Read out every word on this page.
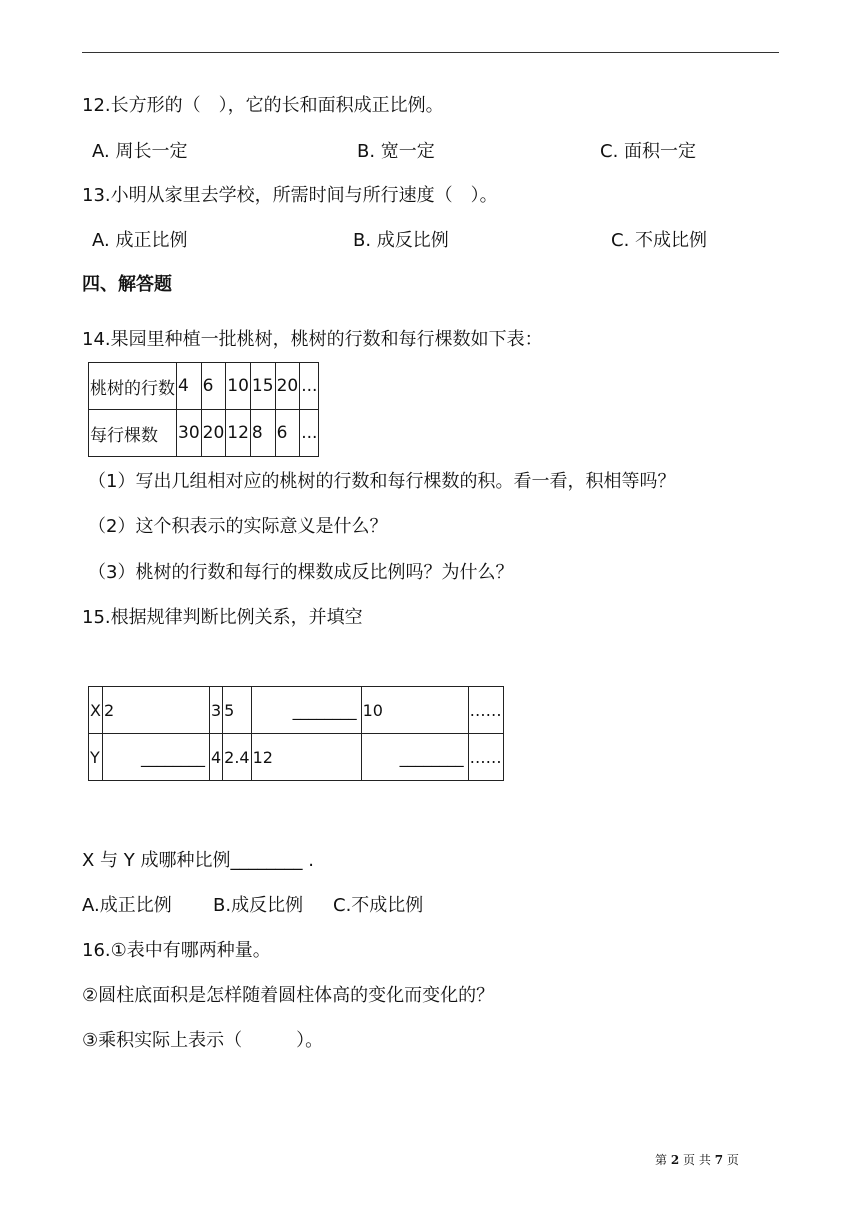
12.长方形的（　），它的长和面积成正比例。
A. 周长一定	B. 宽一定	C. 面积一定
13.小明从家里去学校，所需时间与所行速度（　）。
A. 成正比例	B. 成反比例	C. 不成比例
四、解答题
14.果园里种植一批桃树，桃树的行数和每行棵数如下表：
桃树的行数	4	6	10	15	20	...
每行棵数	30	20	12	8	6	...
（1）写出几组相对应的桃树的行数和每行棵数的积。看一看，积相等吗？
（2）这个积表示的实际意义是什么？
（3）桃树的行数和每行的棵数成反比例吗？为什么？
15.根据规律判断比例关系，并填空
X	2	3	5	________	10	……
Y	________	4	2.4	12	________	……
X 与 Y 成哪种比例________ .
A.成正比例 B.成反比例 C.不成比例
16.①表中有哪两种量。
②圆柱底面积是怎样随着圆柱体高的变化而变化的？
③乘积实际上表示（　　　）。
第 2 页 共 7 页
